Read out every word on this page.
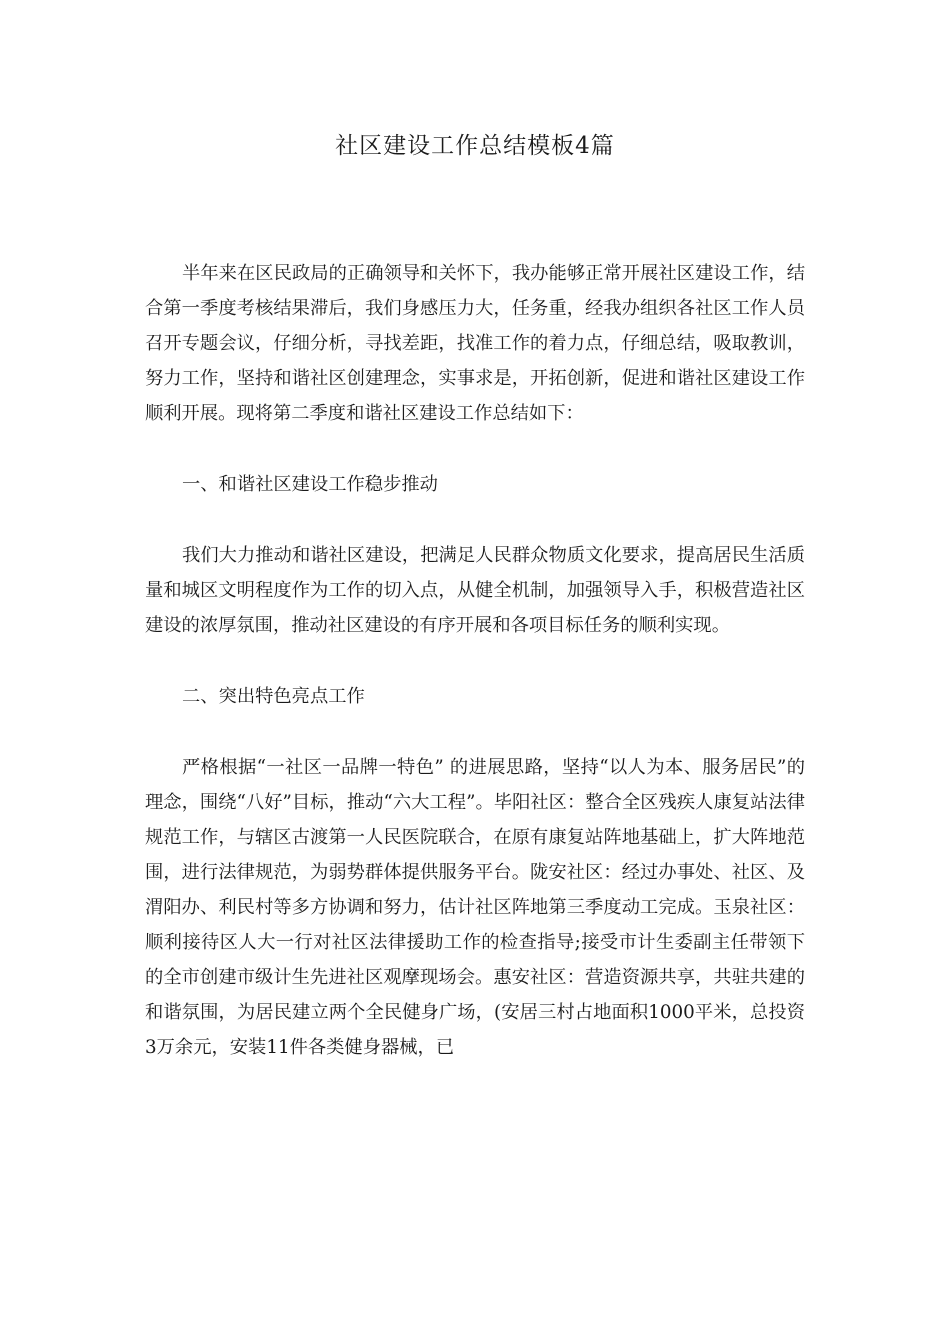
社区建设工作总结模板4篇

半年来在区民政局的正确领导和关怀下，我办能够正常开展社区建设工作，结合第一季度考核结果滞后，我们身感压力大，任务重，经我办组织各社区工作人员召开专题会议，仔细分析，寻找差距，找准工作的着力点，仔细总结，吸取教训，努力工作，坚持和谐社区创建理念，实事求是，开拓创新，促进和谐社区建设工作顺利开展。现将第二季度和谐社区建设工作总结如下：

一、和谐社区建设工作稳步推动

我们大力推动和谐社区建设，把满足人民群众物质文化要求，提高居民生活质量和城区文明程度作为工作的切入点，从健全机制，加强领导入手，积极营造社区建设的浓厚氛围，推动社区建设的有序开展和各项目标任务的顺利实现。

二、突出特色亮点工作

严格根据“一社区一品牌一特色” 的进展思路，坚持“以人为本、服务居民”的理念，围绕“八好”目标，推动“六大工程”。毕阳社区：整合全区残疾人康复站法律规范工作，与辖区古渡第一人民医院联合，在原有康复站阵地基础上，扩大阵地范围，进行法律规范，为弱势群体提供服务平台。陇安社区：经过办事处、社区、及渭阳办、利民村等多方协调和努力，估计社区阵地第三季度动工完成。玉泉社区：顺利接待区人大一行对社区法律援助工作的检查指导;接受市计生委副主任带领下的全市创建市级计生先进社区观摩现场会。惠安社区：营造资源共享，共驻共建的和谐氛围，为居民建立两个全民健身广场，(安居三村占地面积1000平米，总投资3万余元，安装11件各类健身器械，已
